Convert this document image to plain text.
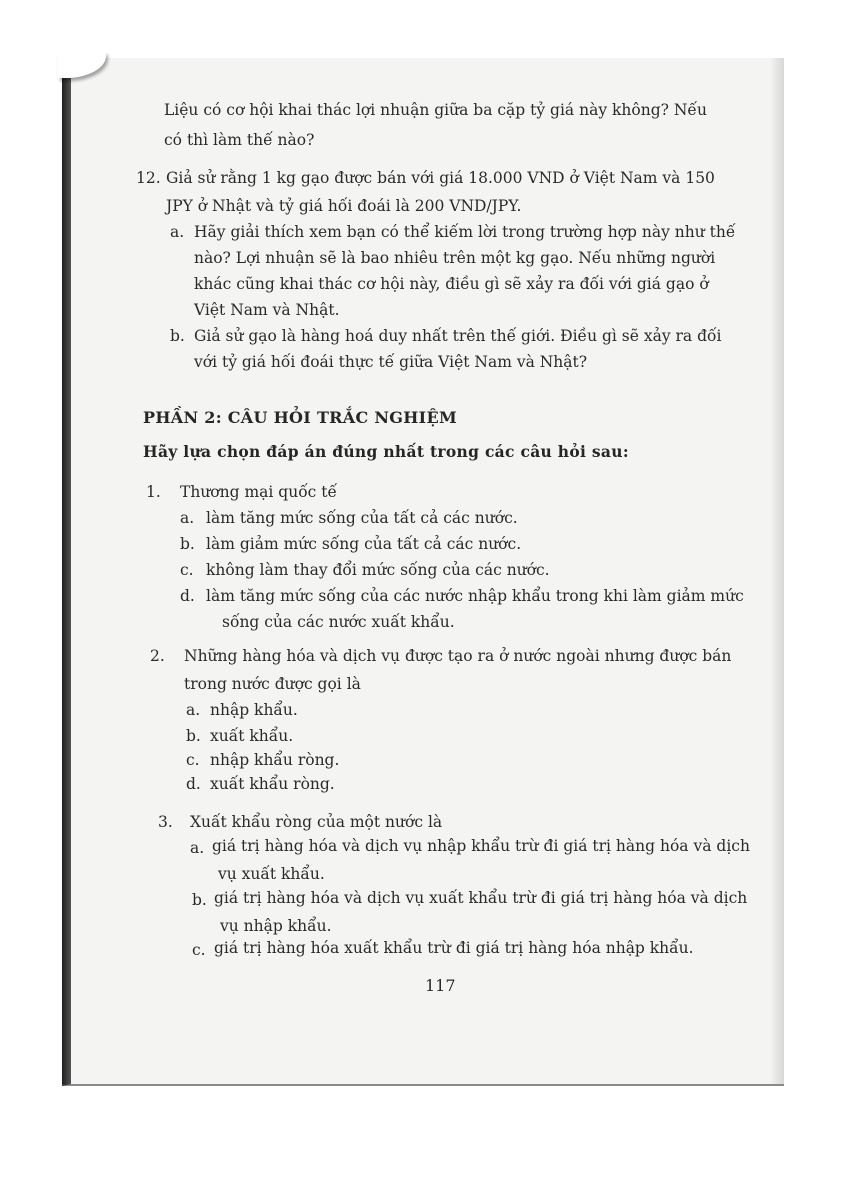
Liệu có cơ hội khai thác lợi nhuận giữa ba cặp tỷ giá này không? Nếu
có thì làm thế nào?
12. Giả sử rằng 1 kg gạo được bán với giá 18.000 VND ở Việt Nam và 150
JPY ở Nhật và tỷ giá hối đoái là 200 VND/JPY.
a. Hãy giải thích xem bạn có thể kiếm lời trong trường hợp này như thế
nào? Lợi nhuận sẽ là bao nhiêu trên một kg gạo. Nếu những người
khác cũng khai thác cơ hội này, điều gì sẽ xảy ra đối với giá gạo ở
Việt Nam và Nhật.
b. Giả sử gạo là hàng hoá duy nhất trên thế giới. Điều gì sẽ xảy ra đối
với tỷ giá hối đoái thực tế giữa Việt Nam và Nhật?
PHẦN 2: CÂU HỎI TRẮC NGHIỆM
Hãy lựa chọn đáp án đúng nhất trong các câu hỏi sau:
1. Thương mại quốc tế
a. làm tăng mức sống của tất cả các nước.
b. làm giảm mức sống của tất cả các nước.
c. không làm thay đổi mức sống của các nước.
d. làm tăng mức sống của các nước nhập khẩu trong khi làm giảm mức
sống của các nước xuất khẩu.
2. Những hàng hóa và dịch vụ được tạo ra ở nước ngoài nhưng được bán
trong nước được gọi là
a. nhập khẩu.
b. xuất khẩu.
c. nhập khẩu ròng.
d. xuất khẩu ròng.
3. Xuất khẩu ròng của một nước là
a. giá trị hàng hóa và dịch vụ nhập khẩu trừ đi giá trị hàng hóa và dịch
vụ xuất khẩu.
b. giá trị hàng hóa và dịch vụ xuất khẩu trừ đi giá trị hàng hóa và dịch
vụ nhập khẩu.
c. giá trị hàng hóa xuất khẩu trừ đi giá trị hàng hóa nhập khẩu.
117
